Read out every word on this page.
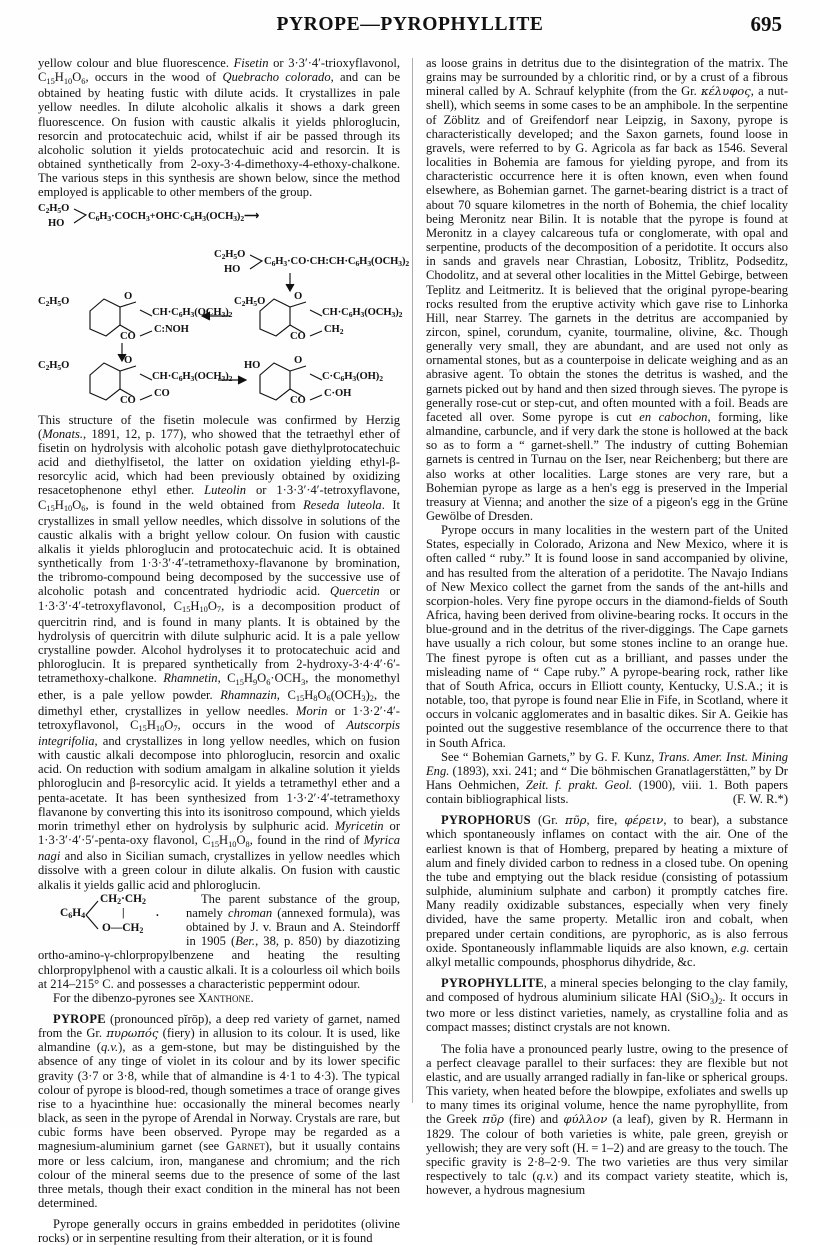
PYROPE—PYROPHYLLITE	695

yellow colour and blue fluorescence. Fisetin or 3·3′·4′-trioxyflavonol, $C_{15}H_{10}O_6$, occurs in the wood of Quebracho colorado, and can be obtained by heating fustic with dilute acids. It crystallizes in pale yellow needles. In dilute alcoholic alkalis it shows a dark green fluorescence. On fusion with caustic alkalis it yields phloroglucin, resorcin and protocatechuic acid, whilst if air be passed through its alcoholic solution it yields protocatechuic acid and resorcin. It is obtained synthetically from 2-oxy-3·4-dimethoxy-4-ethoxy-chalkone. The various steps in this synthesis are shown below, since the method employed is applicable to other members of the group.

$C_2H_5O$
HO
$C_6H_3\cdot COCH_3+OHC\cdot C_6H_3(OCH_3)_2⟶$
$C_2H_5O$
HO
$C_6H_3\cdot CO\cdot CH:CH\cdot C_6H_3(OCH_3)_2$
$C_2H_5O$	O
$CH\cdot C_6H_3(OCH_3)_2$
$CH_2$
CO
$C_2H_5O$	O
$CH\cdot C_6H_3(OCH_3)_2$
C:NOH
CO
$C_2H_5O$	O
$CH\cdot C_6H_3(OCH_3)_2$
CO
CO
HO	O
$C\cdot C_6H_3(OH)_2$
C·OH
CO

This structure of the fisetin molecule was confirmed by Herzig (Monats., 1891, 12, p. 177), who showed that the tetraethyl ether of fisetin on hydrolysis with alcoholic potash gave diethylprotocatechuic acid and diethylfisetol, the latter on oxidation yielding ethyl-β-resorcylic acid, which had been previously obtained by oxidizing resacetophenone ethyl ether. Luteolin or 1·3·3′·4′-tetroxyflavone, $C_{15}H_{10}O_6$, is found in the weld obtained from Reseda luteola. It crystallizes in small yellow needles, which dissolve in solutions of the caustic alkalis with a bright yellow colour. On fusion with caustic alkalis it yields phloroglucin and protocatechuic acid. It is obtained synthetically from 1·3·3′·4′-tetramethoxy-flavanone by bromination, the tribromo-compound being decomposed by the successive use of alcoholic potash and concentrated hydriodic acid. Quercetin or 1·3·3′·4′-tetroxyflavonol, $C_{15}H_{10}O_7$, is a decomposition product of quercitrin rind, and is found in many plants. It is obtained by the hydrolysis of quercitrin with dilute sulphuric acid. It is a pale yellow crystalline powder. Alcohol hydrolyses it to protocatechuic acid and phloroglucin. It is prepared synthetically from 2-hydroxy-3·4·4′·6′-tetramethoxy-chalkone. Rhamnetin, $C_{15}H_9O_6\cdot OCH_3$, the monomethyl ether, is a pale yellow powder. Rhamnazin, $C_{15}H_8O_6(OCH_3)_2$, the dimethyl ether, crystallizes in yellow needles. Morin or 1·3·2′·4′-tetroxyflavonol, $C_{15}H_{10}O_7$, occurs in the wood of Autscorpis integrifolia, and crystallizes in long yellow needles, which on fusion with caustic alkali decompose into phloroglucin, resorcin and oxalic acid. On reduction with sodium amalgam in alkaline solution it yields phloroglucin and β-resorcylic acid. It yields a tetramethyl ether and a penta-acetate. It has been synthesized from 1·3·2′·4′-tetramethoxy flavanone by converting this into its isonitroso compound, which yields morin trimethyl ether on hydrolysis by sulphuric acid. Myricetin or 1·3·3′·4′·5′-penta-oxy flavonol, $C_{15}H_{10}O_8$, found in the rind of Myrica nagi and also in Sicilian sumach, crystallizes in yellow needles which dissolve with a green colour in dilute alkalis. On fusion with caustic alkalis it yields gallic acid and phloroglucin.

$C_6H_4$
$CH_2\cdot CH_2$
|	.
$O—CH_2$

The parent substance of the group, namely chroman (annexed formula), was obtained by J. v. Braun and A. Steindorff in 1905 (Ber., 38, p. 850) by diazotizing ortho-amino-γ-chlorpropylbenzene and heating the resulting chlorpropylphenol with a caustic alkali. It is a colourless oil which boils at 214–215° C. and possesses a characteristic peppermint odour.

For the dibenzo-pyrones see Xanthone.

PYROPE (pronounced pĭrōp), a deep red variety of garnet, named from the Gr. πυρωπός (fiery) in allusion to its colour. It is used, like almandine (q.v.), as a gem-stone, but may be distinguished by the absence of any tinge of violet in its colour and by its lower specific gravity (3·7 or 3·8, while that of almandine is 4·1 to 4·3). The typical colour of pyrope is blood-red, though sometimes a trace of orange gives rise to a hyacinthine hue: occasionally the mineral becomes nearly black, as seen in the pyrope of Arendal in Norway. Crystals are rare, but cubic forms have been observed. Pyrope may be regarded as a magnesium-aluminium garnet (see Garnet), but it usually contains more or less calcium, iron, manganese and chromium; and the rich colour of the mineral seems due to the presence of some of the last three metals, though their exact condition in the mineral has not been determined.

Pyrope generally occurs in grains embedded in peridotites (olivine rocks) or in serpentine resulting from their alteration, or it is found

as loose grains in detritus due to the disintegration of the matrix. The grains may be surrounded by a chloritic rind, or by a crust of a fibrous mineral called by A. Schrauf kelyphite (from the Gr. κέλυφος, a nut-shell), which seems in some cases to be an amphibole. In the serpentine of Zöblitz and of Greifendorf near Leipzig, in Saxony, pyrope is characteristically developed; and the Saxon garnets, found loose in gravels, were referred to by G. Agricola as far back as 1546. Several localities in Bohemia are famous for yielding pyrope, and from its characteristic occurrence here it is often known, even when found elsewhere, as Bohemian garnet. The garnet-bearing district is a tract of about 70 square kilometres in the north of Bohemia, the chief locality being Meronitz near Bilin. It is notable that the pyrope is found at Meronitz in a clayey calcareous tufa or conglomerate, with opal and serpentine, products of the decomposition of a peridotite. It occurs also in sands and gravels near Chrastian, Lobositz, Triblitz, Podseditz, Chodolitz, and at several other localities in the Mittel Gebirge, between Teplitz and Leitmeritz. It is believed that the original pyrope-bearing rocks resulted from the eruptive activity which gave rise to Linhorka Hill, near Starrey. The garnets in the detritus are accompanied by zircon, spinel, corundum, cyanite, tourmaline, olivine, &c. Though generally very small, they are abundant, and are used not only as ornamental stones, but as a counterpoise in delicate weighing and as an abrasive agent. To obtain the stones the detritus is washed, and the garnets picked out by hand and then sized through sieves. The pyrope is generally rose-cut or step-cut, and often mounted with a foil. Beads are faceted all over. Some pyrope is cut en cabochon, forming, like almandine, carbuncle, and if very dark the stone is hollowed at the back so as to form a “ garnet-shell.” The industry of cutting Bohemian garnets is centred in Turnau on the Iser, near Reichenberg; but there are also works at other localities. Large stones are very rare, but a Bohemian pyrope as large as a hen's egg is preserved in the Imperial treasury at Vienna; and another the size of a pigeon's egg in the Grüne Gewölbe of Dresden.

Pyrope occurs in many localities in the western part of the United States, especially in Colorado, Arizona and New Mexico, where it is often called “ ruby.” It is found loose in sand accompanied by olivine, and has resulted from the alteration of a peridotite. The Navajo Indians of New Mexico collect the garnet from the sands of the ant-hills and scorpion-holes. Very fine pyrope occurs in the diamond-fields of South Africa, having been derived from olivine-bearing rocks. It occurs in the blue-ground and in the detritus of the river-diggings. The Cape garnets have usually a rich colour, but some stones incline to an orange hue. The finest pyrope is often cut as a brilliant, and passes under the misleading name of “ Cape ruby.” A pyrope-bearing rock, rather like that of South Africa, occurs in Elliott county, Kentucky, U.S.A.; it is notable, too, that pyrope is found near Elie in Fife, in Scotland, where it occurs in volcanic agglomerates and in basaltic dikes. Sir A. Geikie has pointed out the suggestive resemblance of the occurrence there to that in South Africa.

See “ Bohemian Garnets,” by G. F. Kunz, Trans. Amer. Inst. Mining Eng. (1893), xxi. 241; and “ Die böhmischen Granatlagerstätten,” by Dr Hans Oehmichen, Zeit. f. prakt. Geol. (1900), viii. 1. Both papers contain bibliographical lists.	(F. W. R.*)

PYROPHORUS (Gr. πῦρ, fire, φέρειν, to bear), a substance which spontaneously inflames on contact with the air. One of the earliest known is that of Homberg, prepared by heating a mixture of alum and finely divided carbon to redness in a closed tube. On opening the tube and emptying out the black residue (consisting of potassium sulphide, aluminium sulphate and carbon) it promptly catches fire. Many readily oxidizable substances, especially when very finely divided, have the same property. Metallic iron and cobalt, when prepared under certain conditions, are pyrophoric, as is also ferrous oxide. Spontaneously inflammable liquids are also known, e.g. certain alkyl metallic compounds, phosphorus dihydride, &c.

PYROPHYLLITE, a mineral species belonging to the clay family, and composed of hydrous aluminium silicate HAl $(SiO_3)_2$. It occurs in two more or less distinct varieties, namely, as crystalline folia and as compact masses; distinct crystals are not known.

The folia have a pronounced pearly lustre, owing to the presence of a perfect cleavage parallel to their surfaces: they are flexible but not elastic, and are usually arranged radially in fan-like or spherical groups. This variety, when heated before the blowpipe, exfoliates and swells up to many times its original volume, hence the name pyrophyllite, from the Greek πῦρ (fire) and φύλλον (a leaf), given by R. Hermann in 1829. The colour of both varieties is white, pale green, greyish or yellowish; they are very soft (H. = 1–2) and are greasy to the touch. The specific gravity is 2·8–2·9. The two varieties are thus very similar respectively to talc (q.v.) and its compact variety steatite, which is, however, a hydrous magnesium
